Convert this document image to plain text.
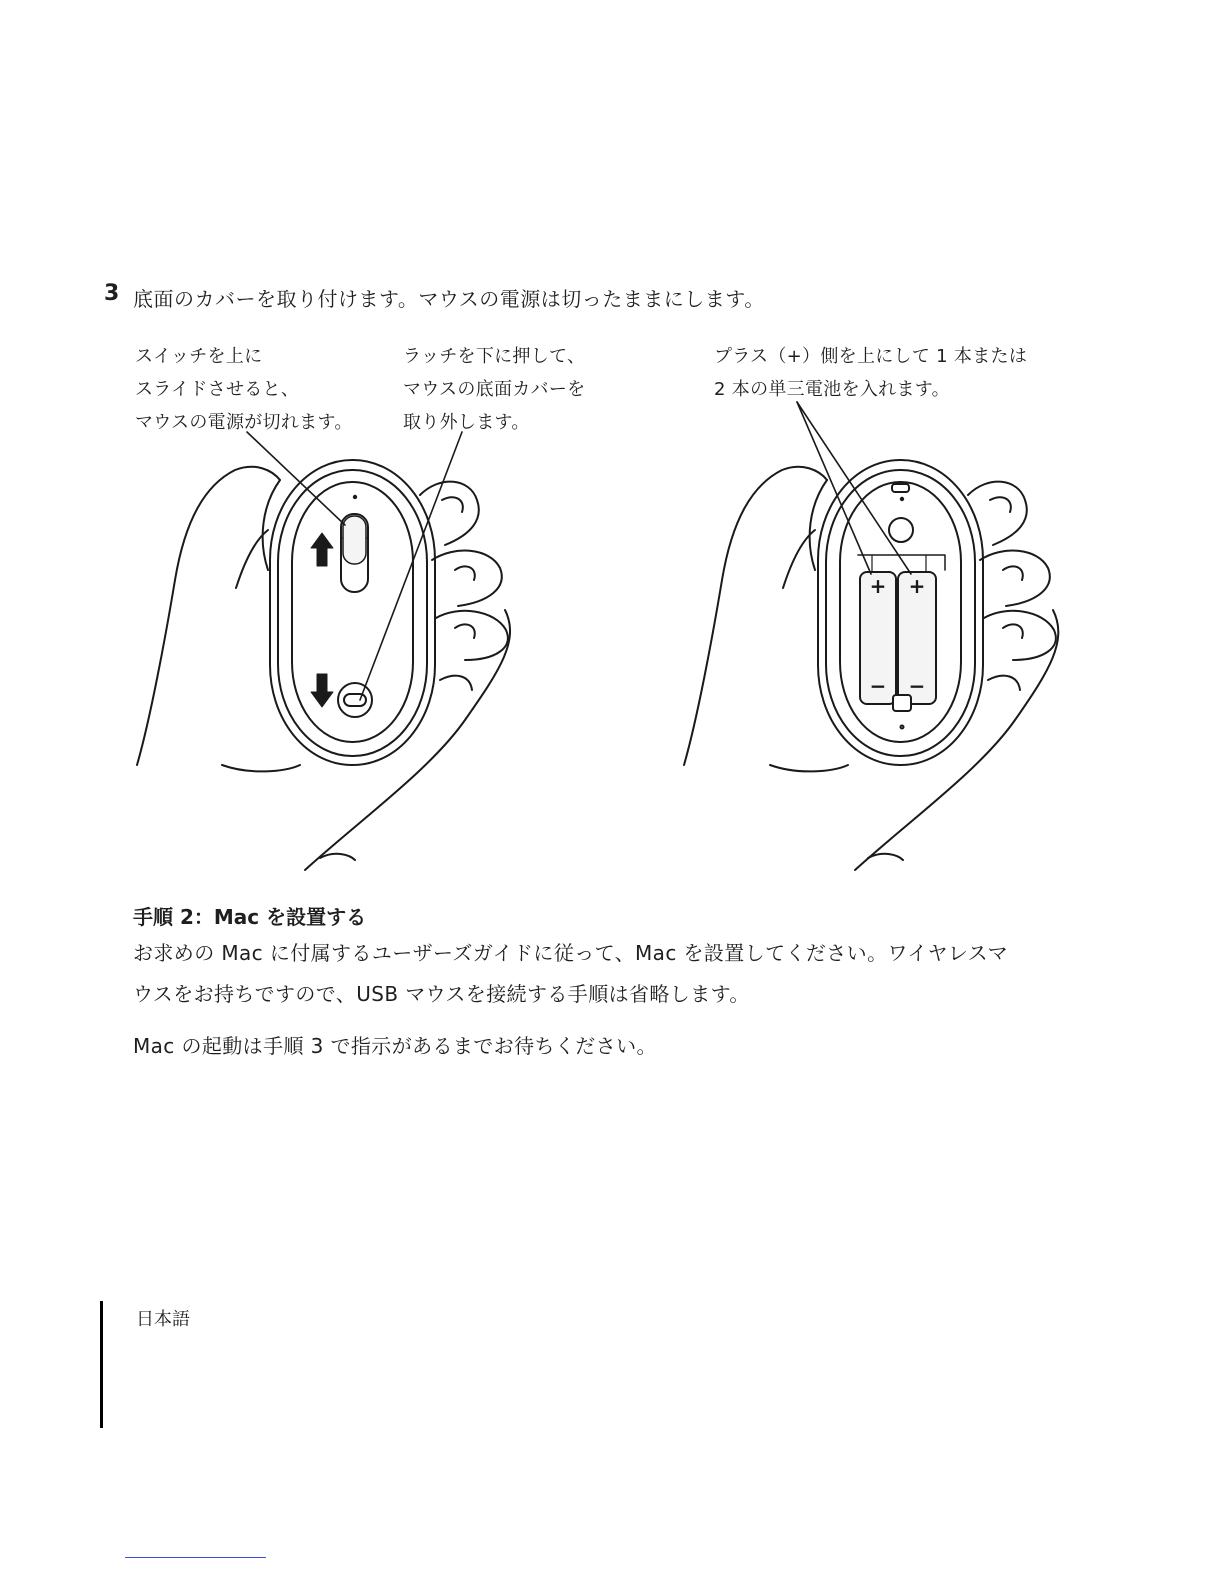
3 底面のカバーを取り付けます。マウスの電源は切ったままにします。
スイッチを上に
スライドさせると、
マウスの電源が切れます。
ラッチを下に押して、
マウスの底面カバーを
取り外します。
プラス（+）側を上にして 1 本または
2 本の単三電池を入れます。
+ +
− −
手順 2：Mac を設置する
お求めの Mac に付属するユーザーズガイドに従って、Mac を設置してください。ワイヤレスマ
ウスをお持ちですので、USB マウスを接続する手順は省略します。
Mac の起動は手順 3 で指示があるまでお待ちください。
日本語
